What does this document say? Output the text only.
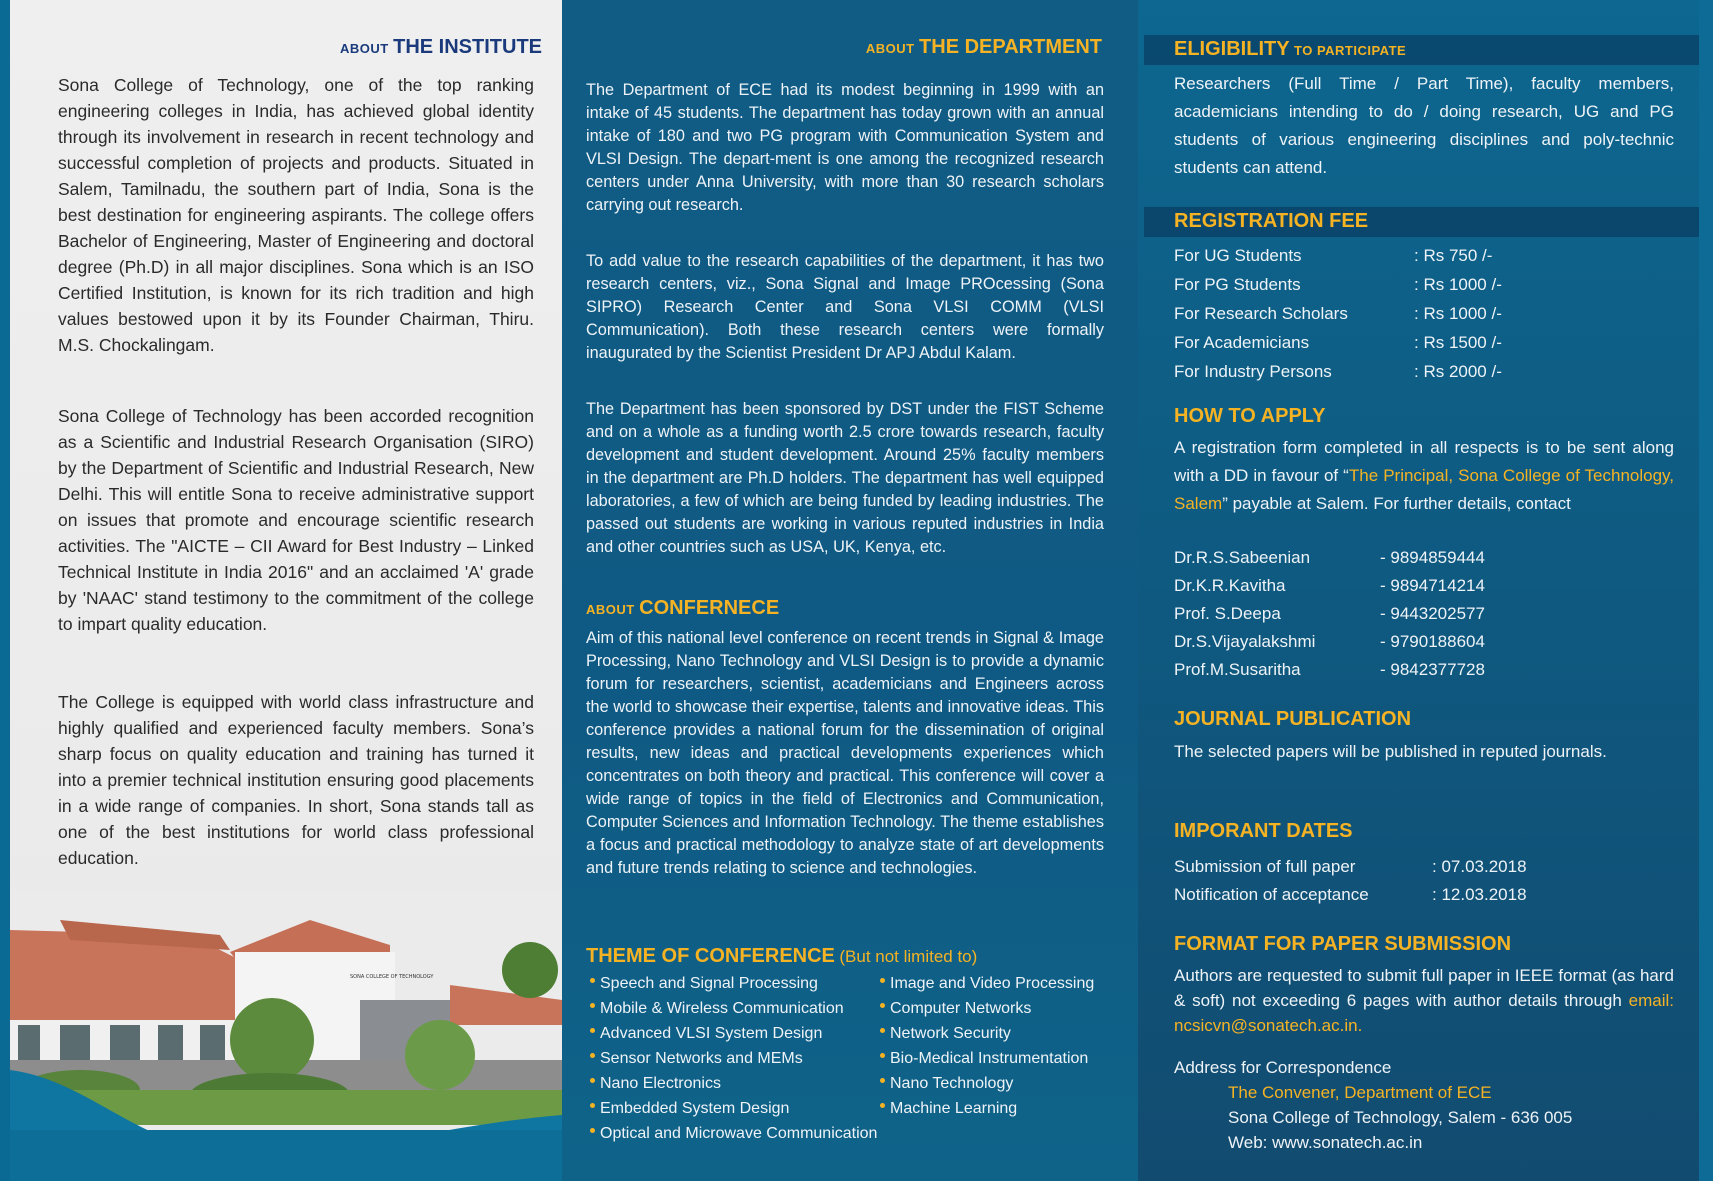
ABOUT THE INSTITUTE

Sona College of Technology, one of the top ranking engineering colleges in India, has achieved global identity through its involvement in research in recent technology and successful completion of projects and products. Situated in Salem, Tamilnadu, the southern part of India, Sona is the best destination for engineering aspirants. The college offers Bachelor of Engineering, Master of Engineering and doctoral degree (Ph.D) in all major disciplines. Sona which is an ISO Certified Institution, is known for its rich tradition and high values bestowed upon it by its Founder Chairman, Thiru. M.S. Chockalingam.

Sona College of Technology has been accorded recognition as a Scientific and Industrial Research Organisation (SIRO) by the Department of Scientific and Industrial Research, New Delhi. This will entitle Sona to receive administrative support on issues that promote and encourage scientific research activities. The "AICTE – CII Award for Best Industry – Linked Technical Institute in India 2016" and an acclaimed 'A' grade by 'NAAC' stand testimony to the commitment of the college to impart quality education.

The College is equipped with world class infrastructure and highly qualified and experienced faculty members. Sona’s sharp focus on quality education and training has turned it into a premier technical institution ensuring good placements in a wide range of companies. In short, Sona stands tall as one of the best institutions for world class professional education.

SONA COLLEGE OF TECHNOLOGY
ABOUT THE DEPARTMENT

The Department of ECE had its modest beginning in 1999 with an intake of 45 students. The department has today grown with an annual intake of 180 and two PG program with Communication System and VLSI Design. The depart-ment is one among the recognized research centers under Anna University, with more than 30 research scholars carrying out research.

To add value to the research capabilities of the department, it has two research centers, viz., Sona Signal and Image PROcessing (Sona SIPRO) Research Center and Sona VLSI COMM (VLSI Communication). Both these research centers were formally inaugurated by the Scientist President Dr APJ Abdul Kalam.

The Department has been sponsored by DST under the FIST Scheme and on a whole as a funding worth 2.5 crore towards research, faculty development and student development. Around 25% faculty members in the department are Ph.D holders. The department has well equipped laboratories, a few of which are being funded by leading industries. The passed out students are working in various reputed industries in India and other countries such as USA, UK, Kenya, etc.

ABOUT CONFERNECE

Aim of this national level conference on recent trends in Signal & Image Processing, Nano Technology and VLSI Design is to provide a dynamic forum for researchers, scientist, academicians and Engineers across the world to showcase their expertise, talents and innovative ideas. This conference provides a national forum for the dissemination of original results, new ideas and practical developments experiences which concentrates on both theory and practical. This conference will cover a wide range of topics in the field of Electronics and Communication, Computer Sciences and Information Technology. The theme establishes a focus and practical methodology to analyze state of art developments and future trends relating to science and technologies.

THEME OF CONFERENCE (But not limited to)
Speech and Signal Processing
Mobile & Wireless Communication
Advanced VLSI System Design
Sensor Networks and MEMs
Nano Electronics
Embedded System Design
Optical and Microwave Communication
Image and Video Processing
Computer Networks
Network Security
Bio-Medical Instrumentation
Nano Technology
Machine Learning
ELIGIBILITY TO PARTICIPATE

Researchers (Full Time / Part Time), faculty members, academicians intending to do / doing research, UG and PG students of various engineering disciplines and poly-technic students can attend.

REGISTRATION FEE
For UG Students	: Rs 750 /-
For PG Students	: Rs 1000 /-
For Research Scholars	: Rs 1000 /-
For Academicians	: Rs 1500 /-
For Industry Persons	: Rs 2000 /-
HOW TO APPLY

A registration form completed in all respects is to be sent along with a DD in favour of “The Principal, Sona College of Technology, Salem” payable at Salem. For further details, contact

Dr.R.S.Sabeenian	- 9894859444
Dr.K.R.Kavitha	- 9894714214
Prof. S.Deepa	- 9443202577
Dr.S.Vijayalakshmi	- 9790188604
Prof.M.Susaritha	- 9842377728
JOURNAL PUBLICATION

The selected papers will be published in reputed journals.

IMPORANT DATES
Submission of full paper	: 07.03.2018
Notification of acceptance	: 12.03.2018
FORMAT FOR PAPER SUBMISSION

Authors are requested to submit full paper in IEEE format (as hard & soft) not exceeding 6 pages with author details through email: ncsicvn@sonatech.ac.in.

Address for Correspondence
The Convener, Department of ECE
Sona College of Technology, Salem - 636 005
Web: www.sonatech.ac.in
